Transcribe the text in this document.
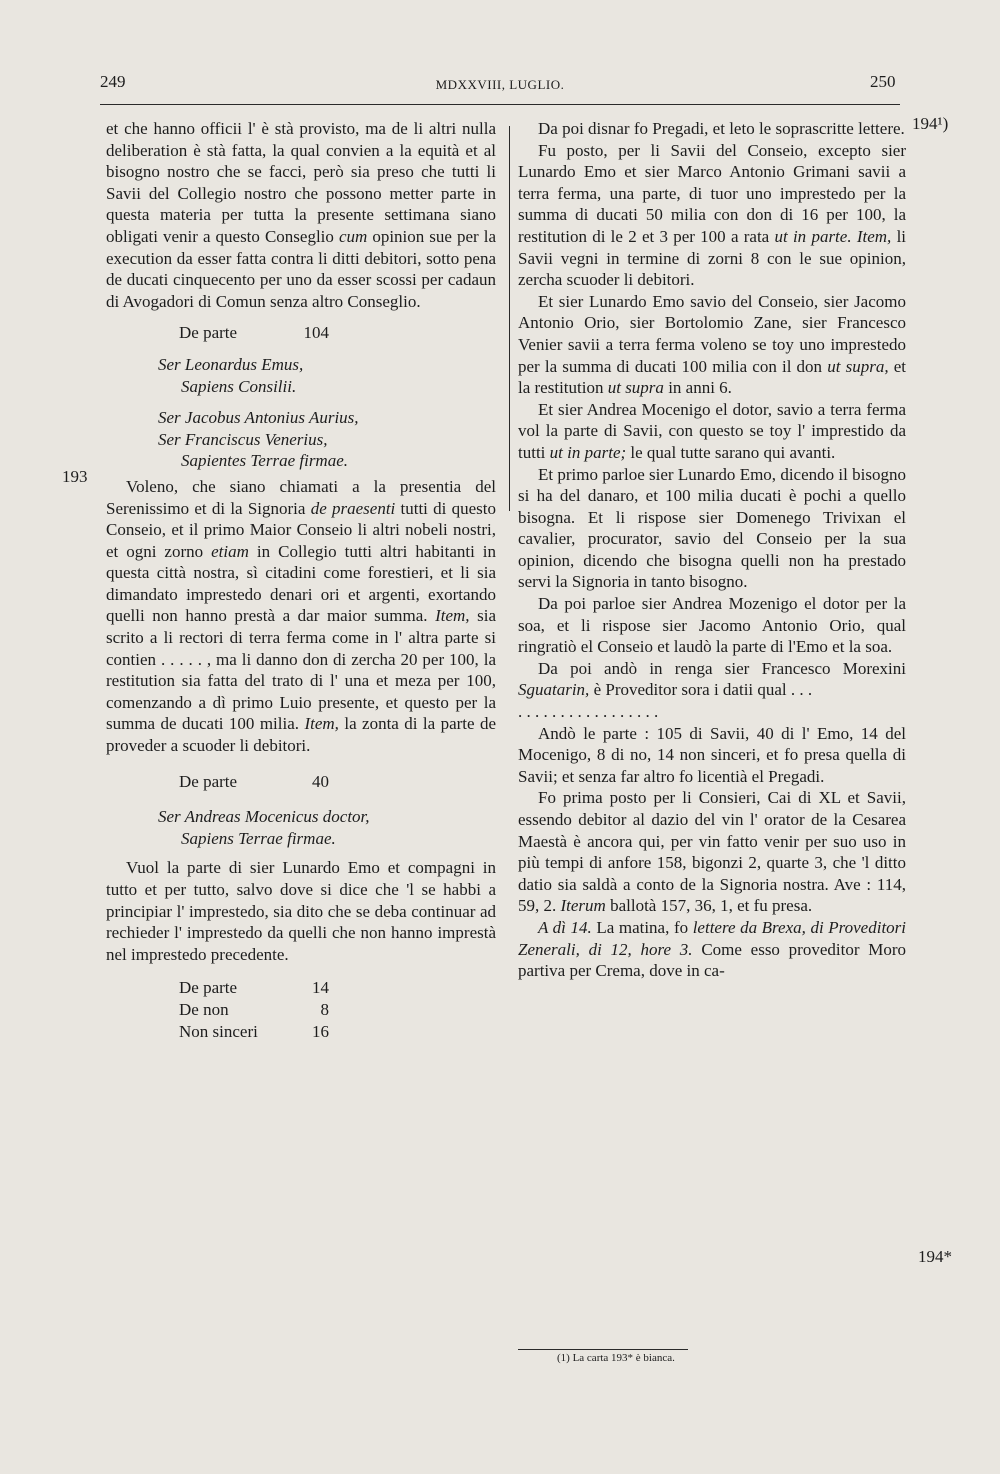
249	MDXXVIII, LUGLIO.	250
193
194¹)
194*

et che hanno officii l' è stà provisto, ma de li altri nulla deliberation è stà fatta, la qual convien a la equità et al bisogno nostro che se facci, però sia preso che tutti li Savii del Collegio nostro che possono metter parte in questa materia per tutta la presente settimana siano obligati venir a questo Conseglio cum opinion sue per la execution da esser fatta contra li ditti debitori, sotto pena de ducati cinquecento per uno da esser scossi per cadaun di Avogadori di Comun senza altro Conseglio.

De parte	104
Ser Leonardus Emus,
Sapiens Consilii.
Ser Jacobus Antonius Aurius,
Ser Franciscus Venerius,
Sapientes Terrae firmae.

Voleno, che siano chiamati a la presentia del Serenissimo et di la Signoria de praesenti tutti di questo Conseio, et il primo Maior Conseio li altri nobeli nostri, et ogni zorno etiam in Collegio tutti altri habitanti in questa città nostra, sì citadini come forestieri, et li sia dimandato imprestedo denari ori et argenti, exortando quelli non hanno prestà a dar maior summa. Item, sia scrito a li rectori di terra ferma come in l' altra parte si contien . . . . . , ma li danno don di zercha 20 per 100, la restitution sia fatta del trato di l' una et meza per 100, comenzando a dì primo Luio presente, et questo per la summa de ducati 100 milia. Item, la zonta di la parte de proveder a scuoder li debitori.

De parte	40
Ser Andreas Mocenicus doctor,
Sapiens Terrae firmae.

Vuol la parte di sier Lunardo Emo et compagni in tutto et per tutto, salvo dove si dice che 'l se habbi a principiar l' imprestedo, sia dito che se deba continuar ad rechieder l' imprestedo da quelli che non hanno imprestà nel imprestedo precedente.

De parte	14
De non	8
Non sinceri	16

Da poi disnar fo Pregadi, et leto le soprascritte lettere.

Fu posto, per li Savii del Conseio, excepto sier Lunardo Emo et sier Marco Antonio Grimani savii a terra ferma, una parte, di tuor uno imprestedo per la summa di ducati 50 milia con don di 16 per 100, la restitution di le 2 et 3 per 100 a rata ut in parte. Item, li Savii vegni in termine di zorni 8 con le sue opinion, zercha scuoder li debitori.

Et sier Lunardo Emo savio del Conseio, sier Jacomo Antonio Orio, sier Bortolomio Zane, sier Francesco Venier savii a terra ferma voleno se toy uno imprestedo per la summa di ducati 100 milia con il don ut supra, et la restitution ut supra in anni 6.

Et sier Andrea Mocenigo el dotor, savio a terra ferma vol la parte di Savii, con questo se toy l' imprestido da tutti ut in parte; le qual tutte sarano qui avanti.

Et primo parloe sier Lunardo Emo, dicendo il bisogno si ha del danaro, et 100 milia ducati è pochi a quello bisogna. Et li rispose sier Domenego Trivixan el cavalier, procurator, savio del Conseio per la sua opinion, dicendo che bisogna quelli non ha prestado servi la Signoria in tanto bisogno.

Da poi parloe sier Andrea Mozenigo el dotor per la soa, et li rispose sier Jacomo Antonio Orio, qual ringratiò el Conseio et laudò la parte di l'Emo et la soa.

Da poi andò in renga sier Francesco Morexini Sguatarin, è Proveditor sora i datii qual . . .

. . . . . . . . . . . . . . . . .

Andò le parte : 105 di Savii, 40 di l' Emo, 14 del Mocenigo, 8 di no, 14 non sinceri, et fo presa quella di Savii; et senza far altro fo licentià el Pregadi.

Fo prima posto per li Consieri, Cai di XL et Savii, essendo debitor al dazio del vin l' orator de la Cesarea Maestà è ancora qui, per vin fatto venir per suo uso in più tempi di anfore 158, bigonzi 2, quarte 3, che 'l ditto datio sia saldà a conto de la Signoria nostra. Ave : 114, 59, 2. Iterum ballotà 157, 36, 1, et fu presa.

A dì 14. La matina, fo lettere da Brexa, di Proveditori Zenerali, di 12, hore 3. Come esso proveditor Moro partiva per Crema, dove in ca-

(1) La carta 193* è bianca.
